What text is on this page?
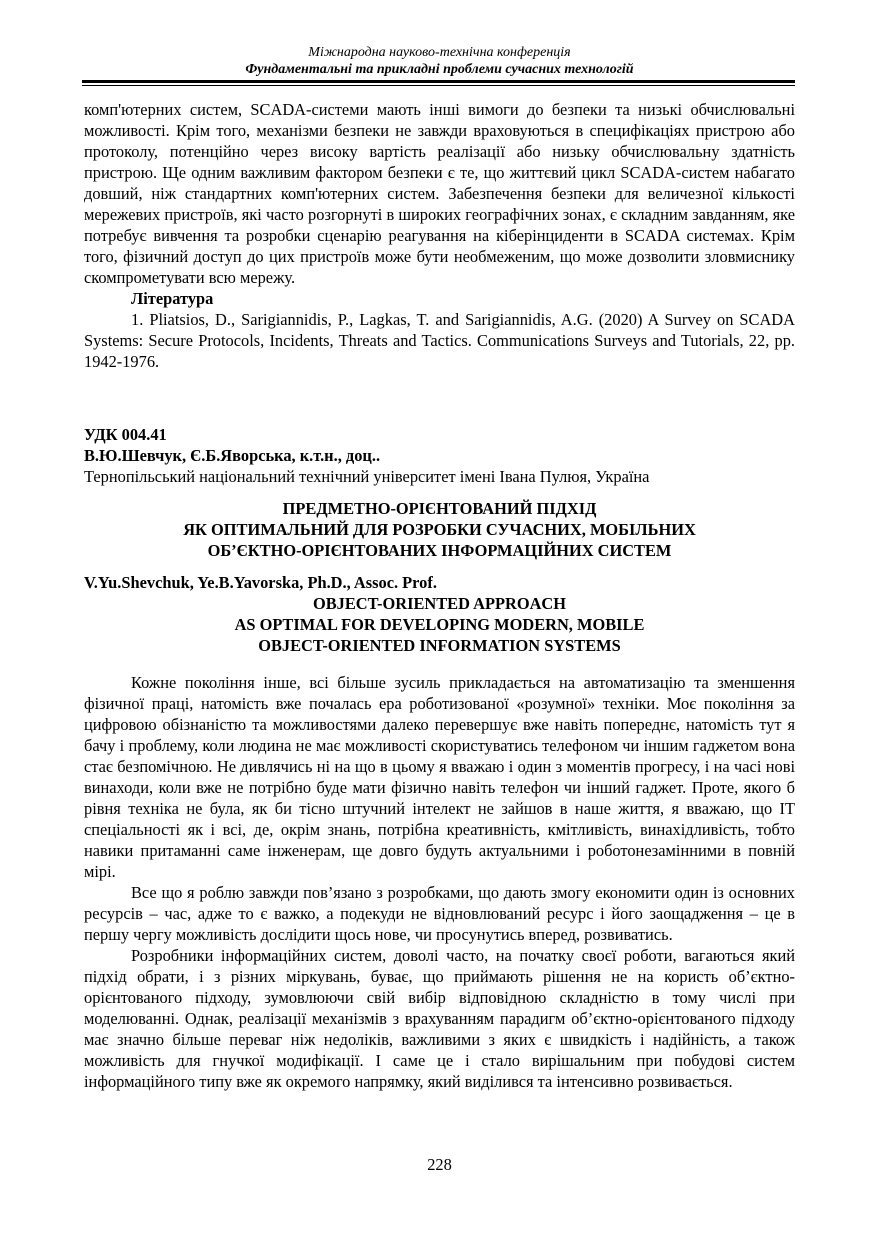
Міжнародна науково-технічна конференція
Фундаментальні та прикладні проблеми сучасних технологій

комп'ютерних систем, SCADA-системи мають інші вимоги до безпеки та низькі обчислювальні можливості. Крім того, механізми безпеки не завжди враховуються в специфікаціях пристрою або протоколу, потенційно через високу вартість реалізації або низьку обчислювальну здатність пристрою. Ще одним важливим фактором безпеки є те, що життєвий цикл SCADA-систем набагато довший, ніж стандартних комп'ютерних систем. Забезпечення безпеки для величезної кількості мережевих пристроїв, які часто розгорнуті в широких географічних зонах, є складним завданням, яке потребує вивчення та розробки сценарію реагування на кіберінциденти в SCADA системах. Крім того, фізичний доступ до цих пристроїв може бути необмеженим, що може дозволити зловмиснику скомпрометувати всю мережу.

Література

1. Pliatsios, D., Sarigiannidis, P., Lagkas, T. and Sarigiannidis, A.G. (2020) A Survey on SCADA Systems: Secure Protocols, Incidents, Threats and Tactics. Communications Surveys and Tutorials, 22, pp. 1942-1976.

УДК 004.41

В.Ю.Шевчук, Є.Б.Яворська, к.т.н., доц..

Тернопільський національний технічний університет імені Івана Пулюя, Україна

ПРЕДМЕТНО-ОРІЄНТОВАНИЙ ПІДХІД
ЯК ОПТИМАЛЬНИЙ ДЛЯ РОЗРОБКИ СУЧАСНИХ, МОБІЛЬНИХ
ОБ’ЄКТНО-ОРІЄНТОВАНИХ ІНФОРМАЦІЙНИХ СИСТЕМ

V.Yu.Shevchuk, Ye.B.Yavorska, Ph.D., Assoc. Prof.

OBJECT-ORIENTED APPROACH
AS OPTIMAL FOR DEVELOPING MODERN, MOBILE
OBJECT-ORIENTED INFORMATION SYSTEMS

Кожне покоління інше, всі більше зусиль прикладається на автоматизацію та зменшення фізичної праці, натомість вже почалась ера роботизованої «розумної» техніки. Моє покоління за цифровою обізнаністю та можливостями далеко перевершує вже навіть попереднє, натомість тут я бачу і проблему, коли людина не має можливості скористуватись телефоном чи іншим гаджетом вона стає безпомічною. Не дивлячись ні на що в цьому я вважаю і один з моментів прогресу, і на часі нові винаходи, коли вже не потрібно буде мати фізично навіть телефон чи інший гаджет. Проте, якого б рівня техніка не була, як би тісно штучний інтелект не зайшов в наше життя, я вважаю, що IT спеціальності як і всі, де, окрім знань, потрібна креативність, кмітливість, винахідливість, тобто навики притаманні саме інженерам, ще довго будуть актуальними і роботонезамінними в повній мірі.

Все що я роблю завжди пов’язано з розробками, що дають змогу економити один із основних ресурсів – час, адже то є важко, а подекуди не відновлюваний ресурс і його заощадження – це в першу чергу можливість дослідити щось нове, чи просунутись вперед, розвиватись.

Розробники інформаційних систем, доволі часто, на початку своєї роботи, вагаються який підхід обрати, і з різних міркувань, буває, що приймають рішення не на користь об’єктно-орієнтованого підходу, зумовлюючи свій вибір відповідною складністю в тому числі при моделюванні. Однак, реалізації механізмів з врахуванням парадигм об’єктно-орієнтованого підходу має значно більше переваг ніж недоліків, важливими з яких є швидкість і надійність, а також можливість для гнучкої модифікації. І саме це і стало вирішальним при побудові систем інформаційного типу вже як окремого напрямку, який виділився та інтенсивно розвивається.

228
